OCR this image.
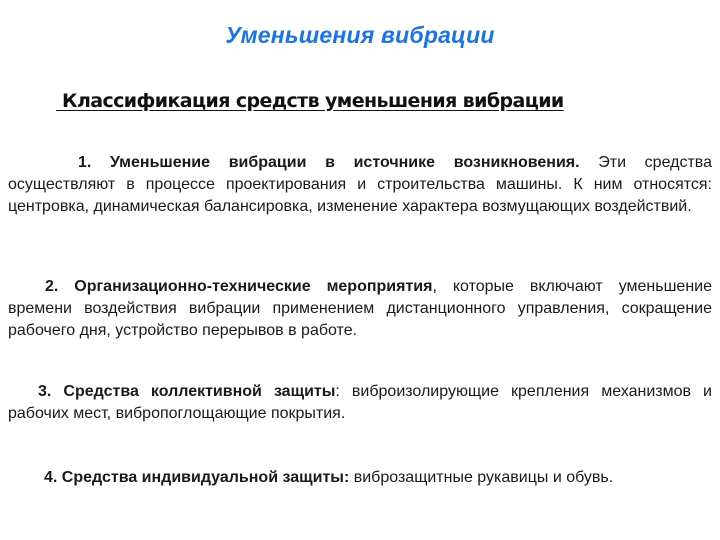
Уменьшения вибрации
Классификация средств уменьшения вибрации
1. Уменьшение вибрации в источнике возникновения. Эти средства осуществляют в процессе проектирования и строительства машины. К ним относятся: центровка, динамическая балансировка, изменение характера возмущающих воздействий.
2. Организационно-технические мероприятия, которые включают уменьшение времени воздействия вибрации применением дистанционного управления, сокращение рабочего дня, устройство перерывов в работе.
3. Средства коллективной защиты: виброизолирующие крепления механизмов и рабочих мест, вибропоглощающие покрытия.
4. Средства индивидуальной защиты: виброзащитные рукавицы и обувь.
